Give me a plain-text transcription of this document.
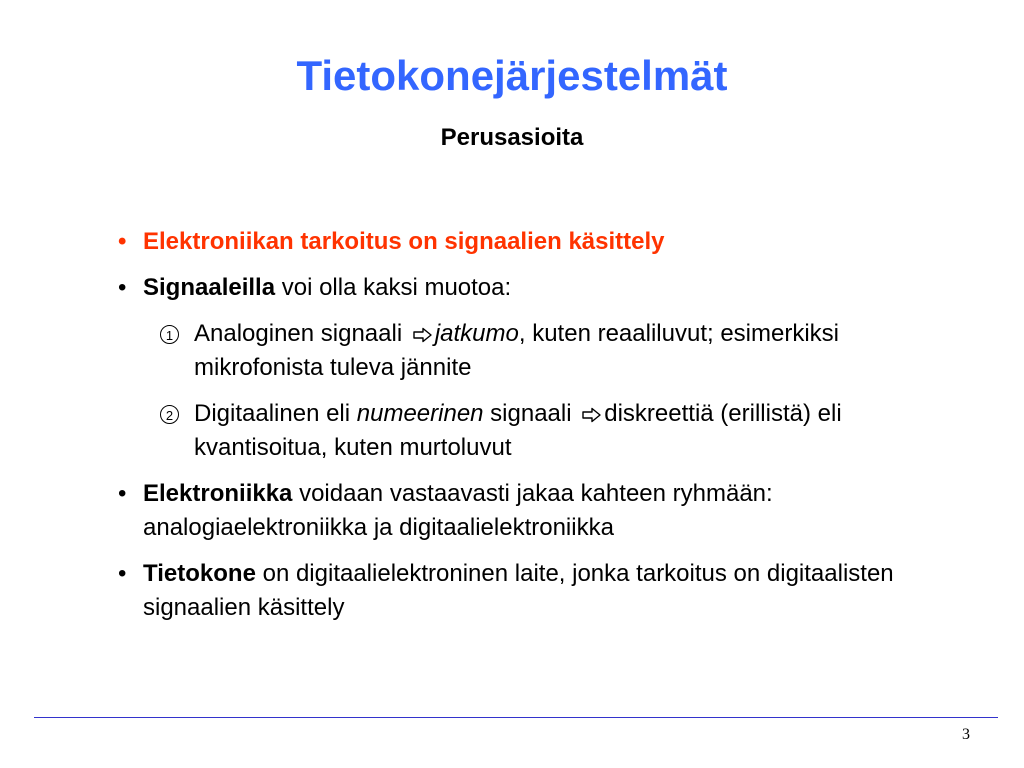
Tietokonejärjestelmät
Perusasioita
• Elektroniikan tarkoitus on signaalien käsittely
• Signaaleilla voi olla kaksi muotoa:
1 Analoginen signaali jatkumo, kuten reaaliluvut; esimerkiksi mikrofonista tuleva jännite
2 Digitaalinen eli numeerinen signaali diskreettiä (erillistä) eli kvantisoitua, kuten murtoluvut
• Elektroniikka voidaan vastaavasti jakaa kahteen ryhmään: analogiaelektroniikka ja digitaalielektroniikka
• Tietokone on digitaalielektroninen laite, jonka tarkoitus on digitaalisten signaalien käsittely
3
